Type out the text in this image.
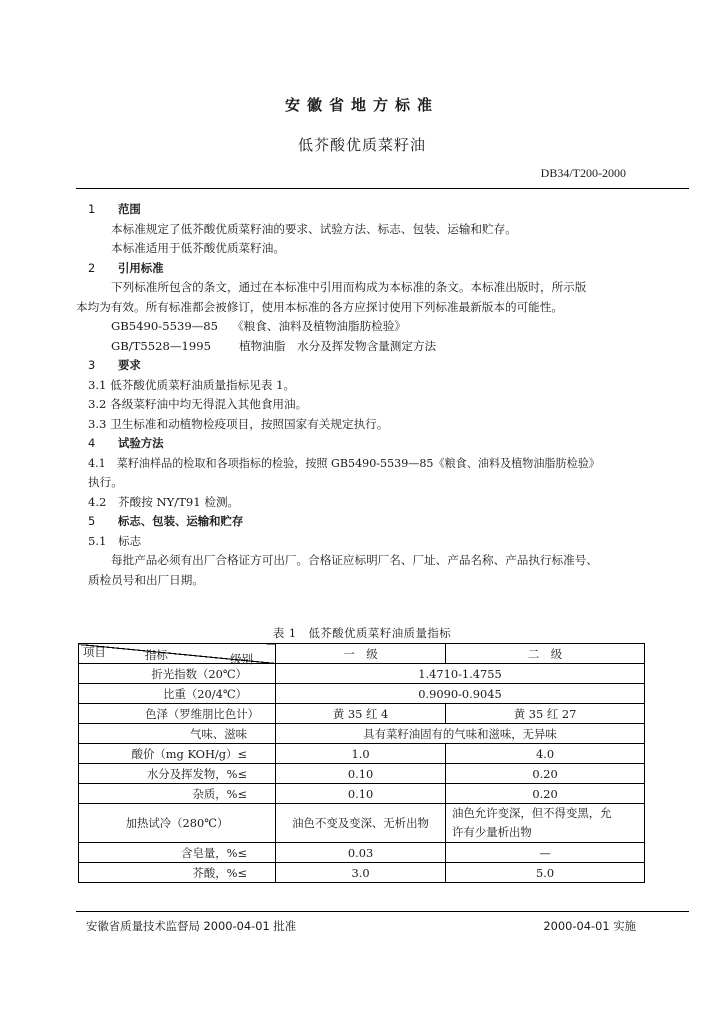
安徽省地方标准
低芥酸优质菜籽油
DB34/T200-2000
1 范围
本标准规定了低芥酸优质菜籽油的要求、试验方法、标志、包装、运输和贮存。
本标准适用于低芥酸优质菜籽油。
2 引用标准
下列标准所包含的条文，通过在本标准中引用而构成为本标准的条文。本标准出版时，所示版
本均为有效。所有标准都会被修订，使用本标准的各方应探讨使用下列标准最新版本的可能性。
GB5490-5539—85 《粮食、油料及植物油脂肪检验》
GB/T5528—1995 植物油脂　水分及挥发物含量测定方法
3 要求
3.1 低芥酸优质菜籽油质量指标见表 1。
3.2 各级菜籽油中均无得混入其他食用油。
3.3 卫生标准和动植物检疫项目，按照国家有关规定执行。
4 试验方法
4.1　菜籽油样品的检取和各项指标的检验，按照 GB5490-5539—85《粮食、油料及植物油脂肪检验》
执行。
4.2　芥酸按 NY/T91 检测。
5 标志、包装、运输和贮存
5.1　标志
每批产品必须有出厂合格证方可出厂。合格证应标明厂名、厂址、产品名称、产品执行标准号、
质检员号和出厂日期。
表 1　低芥酸优质菜籽油质量指标
指标 级别
项目	一　级	二　级
折光指数（20℃）	1.4710-1.4755	
比重（20/4℃）	0.9090-0.9045	
色泽（罗维朋比色计）	黄 35 红 4	黄 35 红 27
气味、滋味	具有菜籽油固有的气味和滋味，无异味	
酸价（mg KOH/g）≤	1.0	4.0
水分及挥发物，%≤	0.10	0.20
杂质，%≤	0.10	0.20
加热试冷（280℃）	油色不变及变深、无析出物	油色允许变深，但不得变黑，允
许有少量析出物

含皂量，%≤	0.03	—
芥酸，%≤	3.0	5.0
安徽省质量技术监督局 2000-04-01 批准	2000-04-01 实施
